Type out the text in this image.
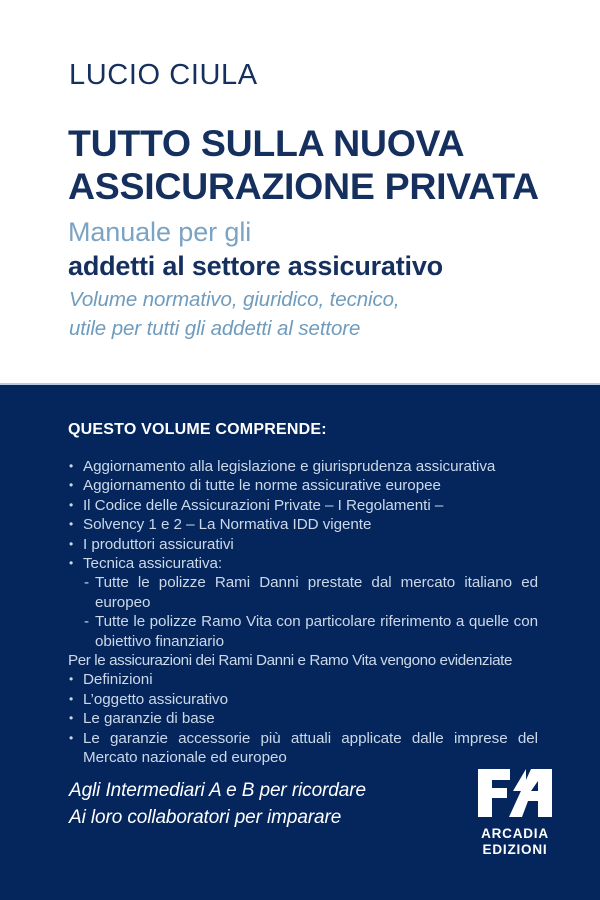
LUCIO CIULA
TUTTO SULLA NUOVA
ASSICURAZIONE PRIVATA
Manuale per gli
addetti al settore assicurativo
Volume normativo, giuridico, tecnico,
utile per tutti gli addetti al settore
QUESTO VOLUME COMPRENDE:
• Aggiornamento alla legislazione e giurisprudenza assicurativa
• Aggiornamento di tutte le norme assicurative europee
• Il Codice delle Assicurazioni Private – I Regolamenti –
• Solvency 1 e 2 – La Normativa IDD vigente
• I produttori assicurativi
• Tecnica assicurativa:
- Tutte le polizze Rami Danni prestate dal mercato italiano ed europeo
- Tutte le polizze Ramo Vita con particolare riferimento a quelle con obiettivo finanziario
Per le assicurazioni dei Rami Danni e Ramo Vita vengono evidenziate
• Definizioni
• L’oggetto assicurativo
• Le garanzie di base
• Le garanzie accessorie più attuali applicate dalle imprese del Mercato nazionale ed europeo
Agli Intermediari A e B per ricordare
Ai loro collaboratori per imparare
ARCADIA
EDIZIONI
